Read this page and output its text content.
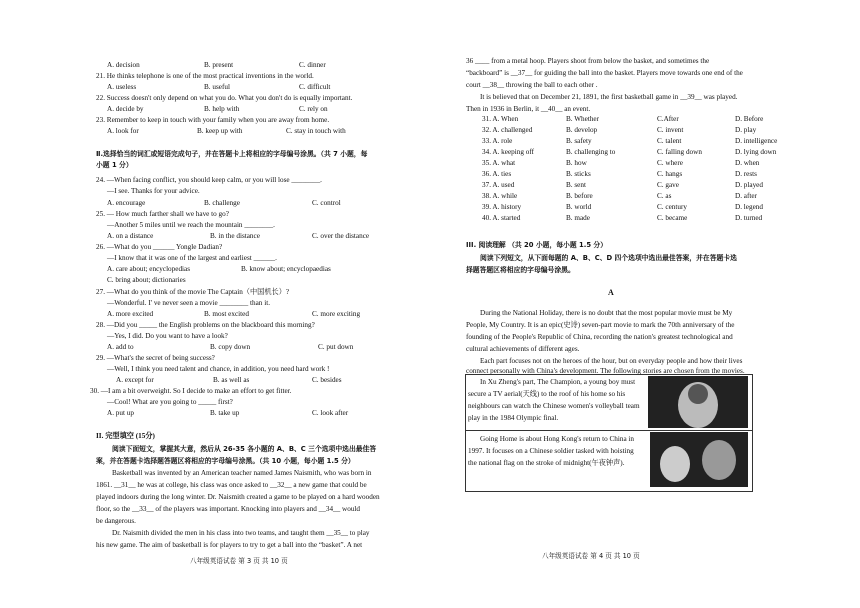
A. decision	B. present	C. dinner
21. He thinks telephone is one of the most practical inventions in the world.
A. useless	B. useful	C. difficult
22. Success doesn't only depend on what you do. What you don't do is equally important.
A. decide by	B. help with	C. rely on
23. Remember to keep in touch with your family when you are away from home.
A. look for	B. keep up with	C. stay in touch with
Ⅱ.选择恰当的词汇或短语完成句子，并在答题卡上将相应的字母编号涂黑。（共 7 小题，每
小题 1 分）
24. —When facing conflict, you should keep calm, or you will lose ________.
—I see. Thanks for your advice.
A. encourage	B. challenge	C. control
25. — How much farther shall we have to go?
—Another 5 miles until we reach the mountain ________.
A. on a distance	B. in the distance	C. over the distance
26. —What do you ______ Yongle Dadian?
—I know that it was one of the largest and earliest ______.
A. care about; encyclopedias	B. know about; encyclopaedias
C. bring about; dictionaries
27. —What do you think of the movie The Captain（中国机长）?
—Wonderful. I' ve never seen a movie ________ than it.
A. more excited	B. most excited	C. more exciting
28. —Did you _____ the English problems on the blackboard this morning?
—Yes, I did. Do you want to have a look?
A. add to	B. copy down	C. put down
29. —What's the secret of being success?
—Well, I think you need talent and chance, in addition, you need hard work !
A. except for	B. as well as	C. besides
30. —I am a bit overweight. So I decide to make an effort to get fitter.
—Cool! What are you going to _____ first?
A. put up	B. take up	C. look after
II. 完型填空 (15分)
阅读下面短文，掌握其大意，然后从 26-35 各小题的 A、B、C 三个选项中选出最佳答
案，并在答题卡选择题答题区将相应的字母编号涂黑。（共 10 小题，每小题 1.5 分）
Basketball was invented by an American teacher named James Naismith, who was born in
1861. __31__ he was at college, his class was once asked to __32__ a new game that could be
played indoors during the long winter. Dr. Naismith created a game to be played on a hard wooden
floor, so the __33__ of the players was important. Knocking into players and __34__ would
be dangerous.
Dr. Naismith divided the men in his class into two teams, and taught them __35__ to play
his new game. The aim of basketball is for players to try to get a ball into the “basket”. A net
八年级英语试卷 第 3 页 共 10 页
36 ____ from a metal hoop. Players shoot from below the basket, and sometimes the
“backboard” is __37__ for guiding the ball into the basket. Players move towards one end of the
court __38__ throwing the ball to each other .
It is believed that on December 21, 1891, the first basketball game in __39__ was played.
Then in 1936 in Berlin, it __40__ an event.
31. A. When	B. Whether	C.After	D. Before
32. A. challenged	B. develop	C. invent	D. play
33. A. role	B. safety	C. talent	D. intelligence
34. A. keeping off	B. challenging to	C. falling down	D. lying down
35. A. what	B. how	C. where	D. when
36. A. ties	B. sticks	C. hangs	D. rests
37. A. used	B. sent	C. gave	D. played
38. A. while	B. before	C. as	D. after
39. A. history	B. world	C. century	D. legend
40. A. started	B. made	C. became	D. turned
III. 阅读理解 （共 20 小题，每小题 1.5 分）
阅读下列短文，从下面每题的 A、B、C、D 四个选项中选出最佳答案，并在答题卡选
择题答题区将相应的字母编号涂黑。
A
During the National Holiday, there is no doubt that the most popular movie must be My
People, My Country. It is an epic(史诗) seven-part movie to mark the 70th anniversary of the
founding of the People's Republic of China, recording the nation's greatest technological and
cultural achievements of different ages.
Each part focuses not on the heroes of the hour, but on everyday people and how their lives
connect personally with China's development. The following stories are chosen from the movies.
In Xu Zheng's part, The Champion, a young boy must
secure a TV aerial(天线) to the roof of his home so his
neighbours can watch the Chinese women's volleyball team
play in the 1984 Olympic final.
Going Home is about Hong Kong's return to China in
1997. It focuses on a Chinese soldier tasked with hoisting
the national flag on the stroke of midnight(午夜钟声).
八年级英语试卷 第 4 页 共 10 页
